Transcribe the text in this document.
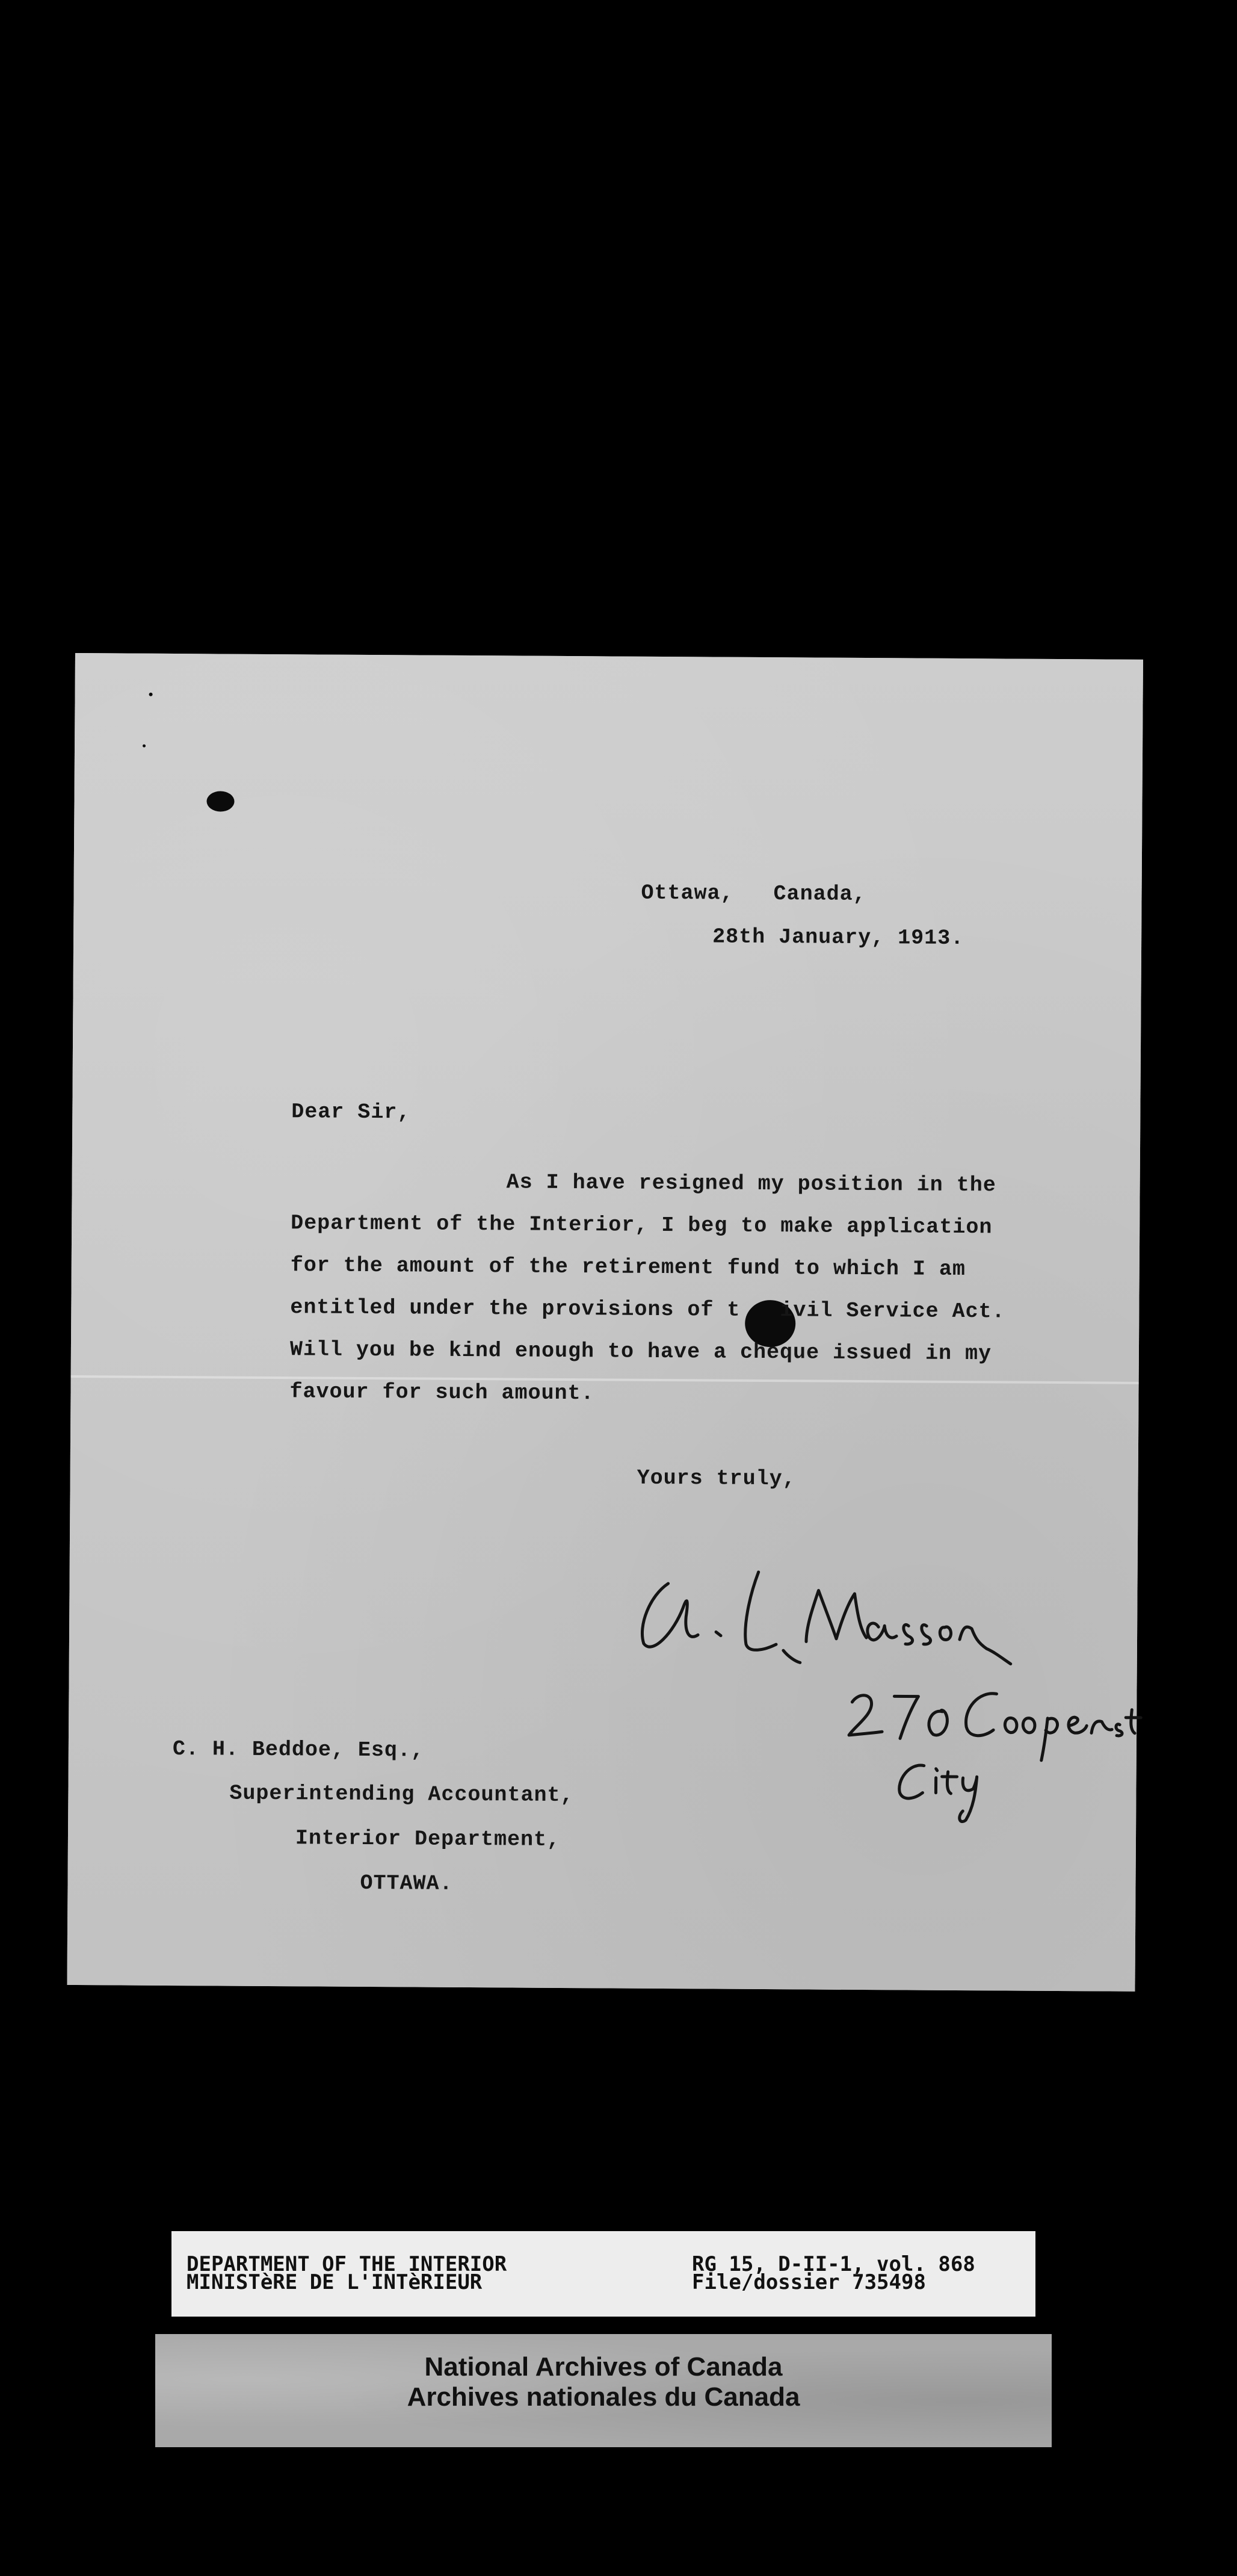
Ottawa,   Canada,
28th January, 1913.
Dear Sir,
As I have resigned my position in the
Department of the Interior, I beg to make application
for the amount of the retirement fund to which I am
entitled under the provisions of t   ivil Service Act.
Will you be kind enough to have a cheque issued in my
favour for such amount.
Yours truly,
C. H. Beddoe, Esq.,
Superintending Accountant,
Interior Department,
OTTAWA.
DEPARTMENT OF THE INTERIOR
MINISTèRE DE L'INTèRIEUR
RG 15, D-II-1, vol. 868
File/dossier 735498
National Archives of Canada
Archives nationales du Canada
